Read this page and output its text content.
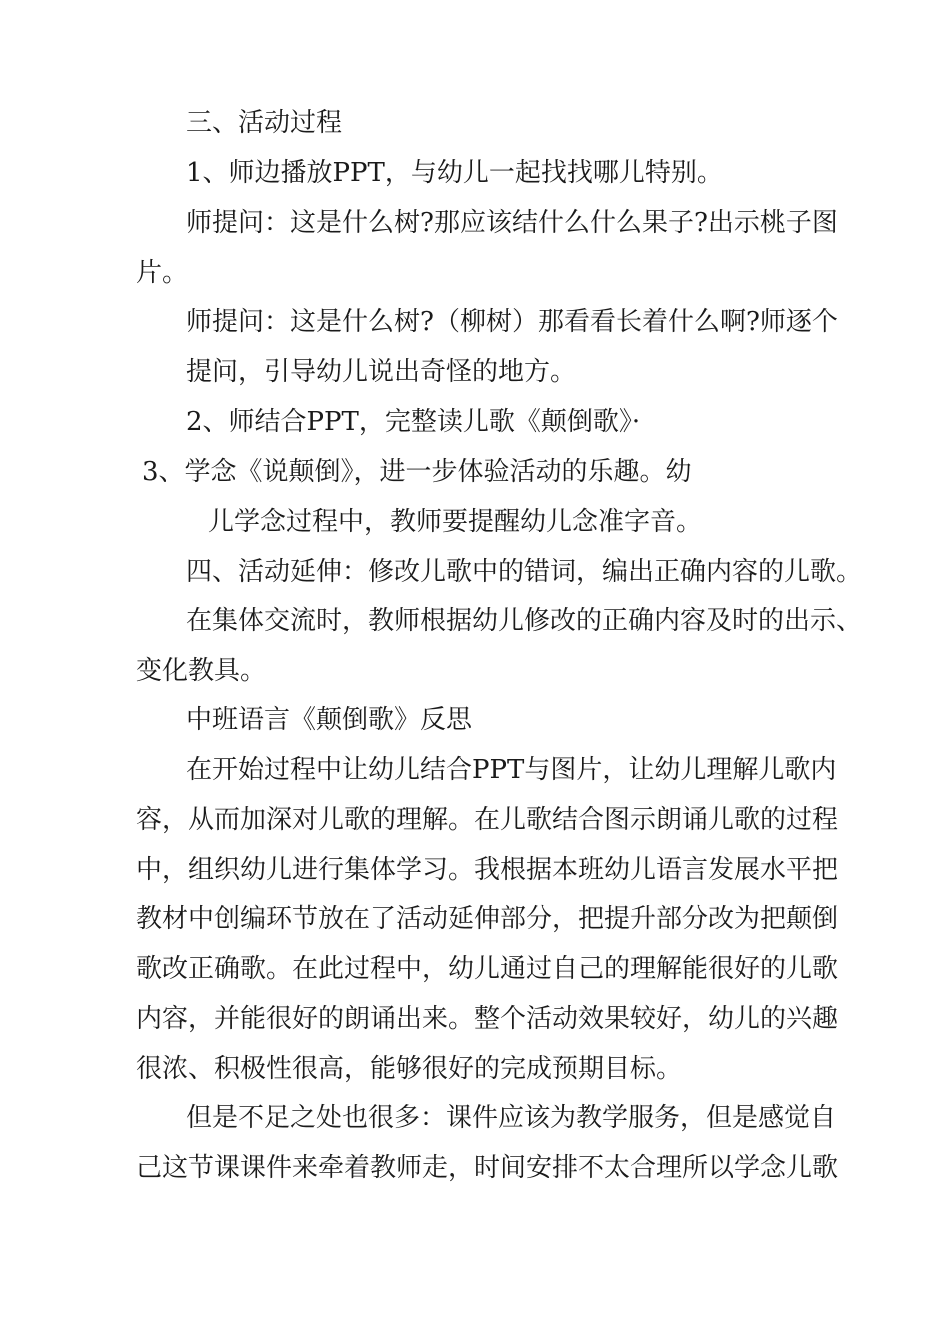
三、活动过程

1、师边播放PPT，与幼儿一起找找哪儿特别。

师提问：这是什么树?那应该结什么什么果子?出示桃子图

片。

师提问：这是什么树?（柳树）那看看长着什么啊?师逐个

提问，引导幼儿说出奇怪的地方。

2、师结合PPT，完整读儿歌《颠倒歌》·

3、学念《说颠倒》，进一步体验活动的乐趣。幼

儿学念过程中，教师要提醒幼儿念准字音。

四、活动延伸：修改儿歌中的错词，编出正确内容的儿歌。

在集体交流时，教师根据幼儿修改的正确内容及时的出示、

变化教具。

中班语言《颠倒歌》反思

在开始过程中让幼儿结合PPT与图片，让幼儿理解儿歌内

容，从而加深对儿歌的理解。在儿歌结合图示朗诵儿歌的过程

中，组织幼儿进行集体学习。我根据本班幼儿语言发展水平把

教材中创编环节放在了活动延伸部分，把提升部分改为把颠倒

歌改正确歌。在此过程中，幼儿通过自己的理解能很好的儿歌

内容，并能很好的朗诵出来。整个活动效果较好，幼儿的兴趣

很浓、积极性很高，能够很好的完成预期目标。

但是不足之处也很多：课件应该为教学服务，但是感觉自

己这节课课件来牵着教师走，时间安排不太合理所以学念儿歌
